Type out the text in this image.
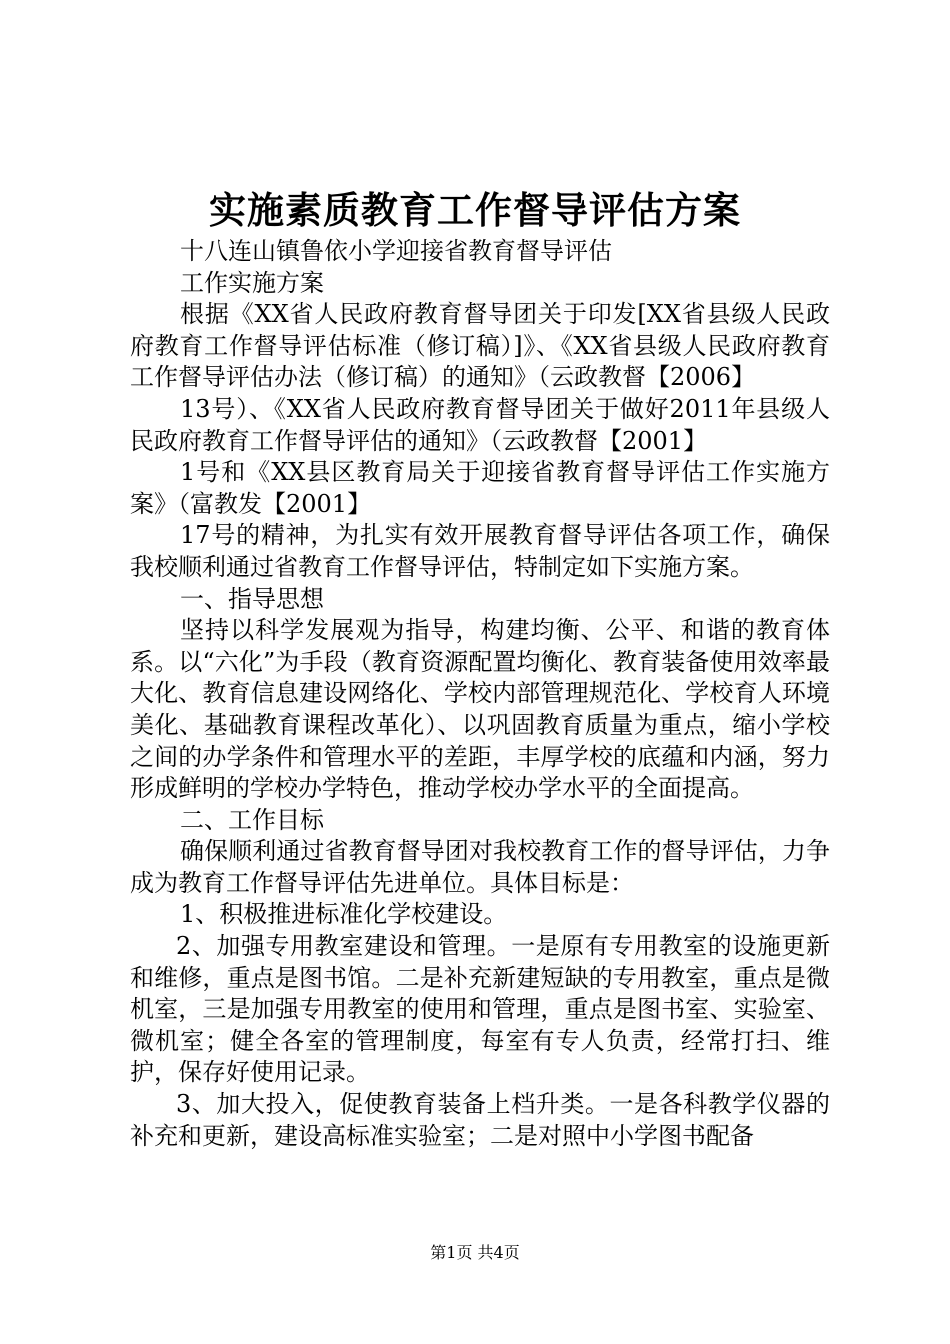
实施素质教育工作督导评估方案

十八连山镇鲁依小学迎接省教育督导评估

工作实施方案

根据《XX省人民政府教育督导团关于印发[XX省县级人民政府教育工作督导评估标准（修订稿）]》、《XX省县级人民政府教育工作督导评估办法（修订稿）的通知》（云政教督【2006】

13号）、《XX省人民政府教育督导团关于做好2011年县级人民政府教育工作督导评估的通知》（云政教督【2001】

1号和《XX县区教育局关于迎接省教育督导评估工作实施方案》（富教发【2001】

17号的精神，为扎实有效开展教育督导评估各项工作，确保我校顺利通过省教育工作督导评估，特制定如下实施方案。

一、指导思想

坚持以科学发展观为指导，构建均衡、公平、和谐的教育体系。以“六化”为手段（教育资源配置均衡化、教育装备使用效率最大化、教育信息建设网络化、学校内部管理规范化、学校育人环境美化、基础教育课程改革化）、以巩固教育质量为重点，缩小学校之间的办学条件和管理水平的差距，丰厚学校的底蕴和内涵，努力形成鲜明的学校办学特色，推动学校办学水平的全面提高。

二、工作目标

确保顺利通过省教育督导团对我校教育工作的督导评估，力争成为教育工作督导评估先进单位。具体目标是：

1、积极推进标准化学校建设。

2、加强专用教室建设和管理。一是原有专用教室的设施更新和维修，重点是图书馆。二是补充新建短缺的专用教室，重点是微机室，三是加强专用教室的使用和管理，重点是图书室、实验室、微机室；健全各室的管理制度，每室有专人负责，经常打扫、维护，保存好使用记录。

3、加大投入，促使教育装备上档升类。一是各科教学仪器的补充和更新，建设高标准实验室；二是对照中小学图书配备

第1页 共4页
